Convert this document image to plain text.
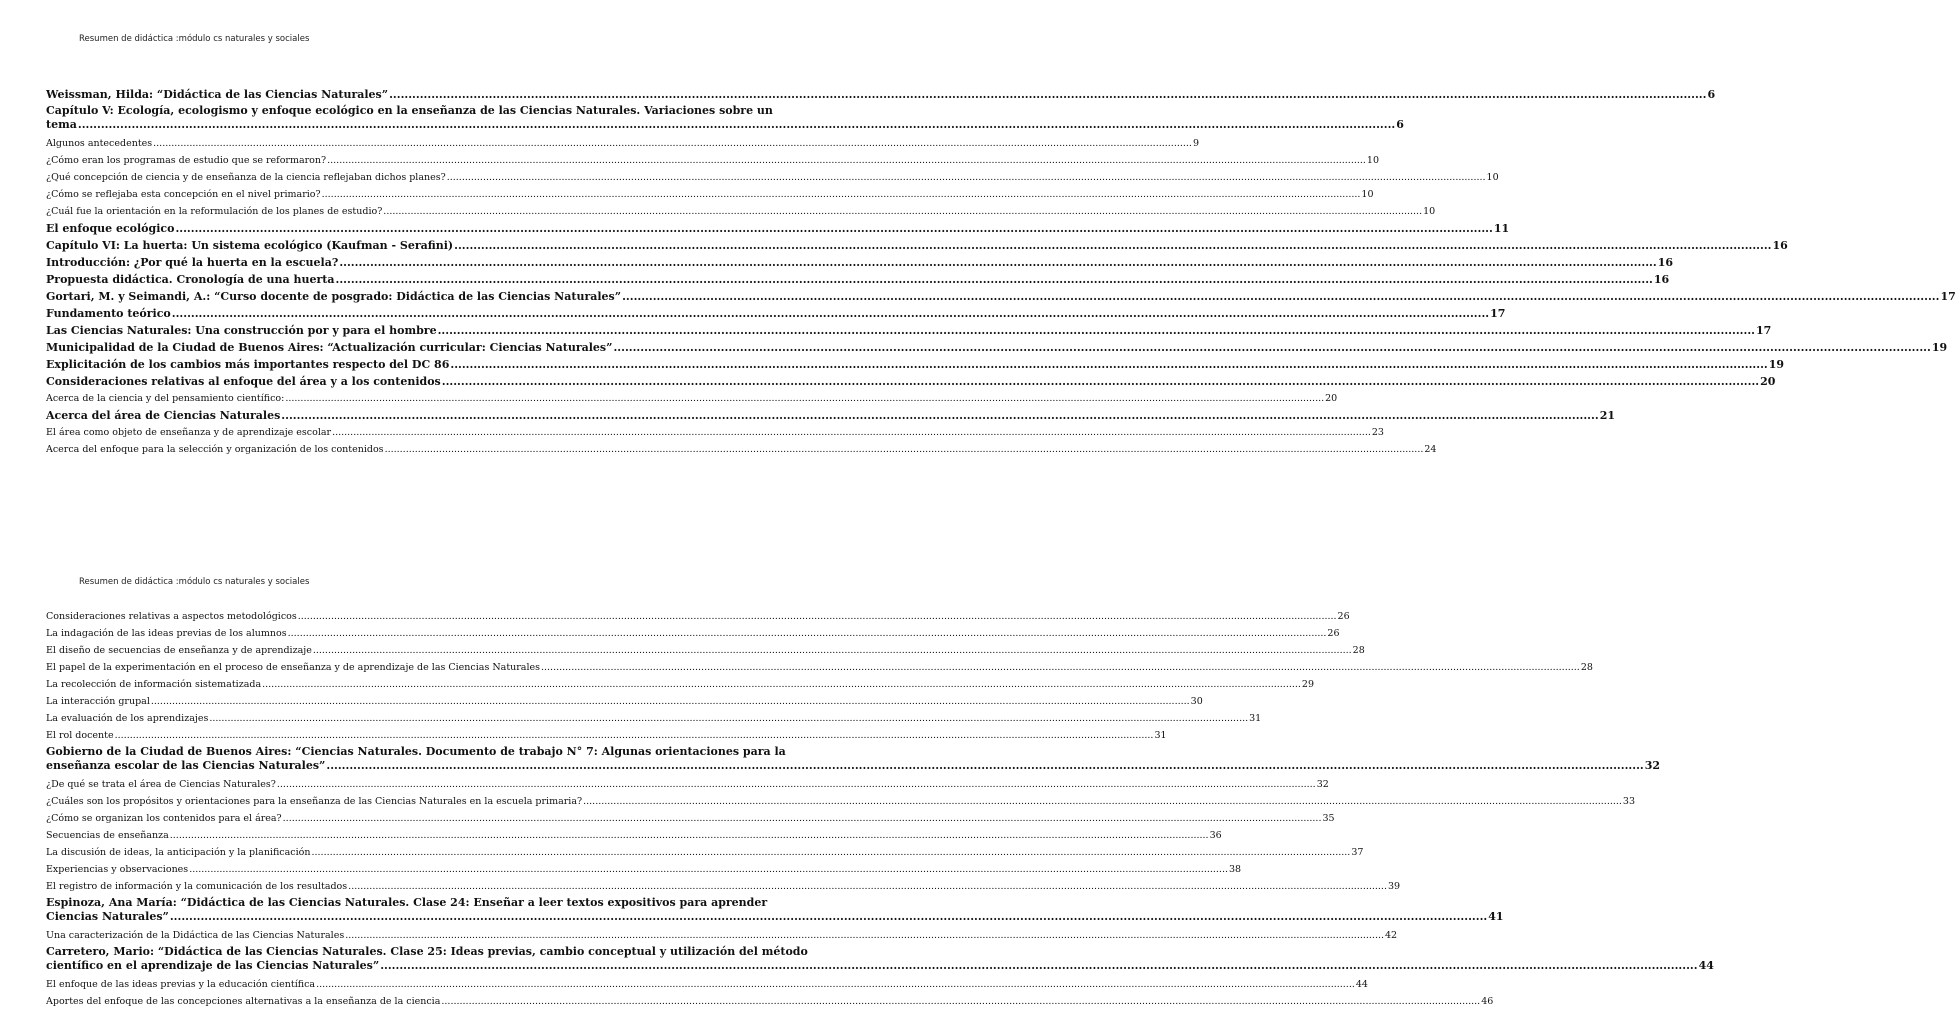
Resumen de didáctica :módulo cs naturales y sociales
Weissman, Hilda: “Didáctica de las Ciencias Naturales” .....	6
Capítulo V: Ecología, ecologismo y enfoque ecológico en la enseñanza de las Ciencias Naturales. Variaciones sobre un
tema .....	6
Algunos antecedentes .....	9
¿Cómo eran los programas de estudio que se reformaron? .....	10
¿Qué concepción de ciencia y de enseñanza de la ciencia reflejaban dichos planes? .....	10
¿Cómo se reflejaba esta concepción en el nivel primario? .....	10
¿Cuál fue la orientación en la reformulación de los planes de estudio? .....	10
El enfoque ecológico .....	11
Capítulo VI: La huerta: Un sistema ecológico (Kaufman - Serafini) .....	16
Introducción: ¿Por qué la huerta en la escuela? .....	16
Propuesta didáctica. Cronología de una huerta .....	16
Gortari, M. y Seimandi, A.: “Curso docente de posgrado: Didáctica de las Ciencias Naturales” .....	17
Fundamento teórico .....	17
Las Ciencias Naturales: Una construcción por y para el hombre .....	17
Municipalidad de la Ciudad de Buenos Aires: “Actualización curricular: Ciencias Naturales” .....	19
Explicitación de los cambios más importantes respecto del DC 86 .....	19
Consideraciones relativas al enfoque del área y a los contenidos .....	20
Acerca de la ciencia y del pensamiento científico: .....	20
Acerca del área de Ciencias Naturales .....	21
El área como objeto de enseñanza y de aprendizaje escolar .....	23
Acerca del enfoque para la selección y organización de los contenidos .....	24
Resumen de didáctica :módulo cs naturales y sociales
Consideraciones relativas a aspectos metodológicos .....	26
La indagación de las ideas previas de los alumnos .....	26
El diseño de secuencias de enseñanza y de aprendizaje .....	28
El papel de la experimentación en el proceso de enseñanza y de aprendizaje de las Ciencias Naturales .....	28
La recolección de información sistematizada .....	29
La interacción grupal .....	30
La evaluación de los aprendizajes .....	31
El rol docente .....	31
Gobierno de la Ciudad de Buenos Aires: “Ciencias Naturales. Documento de trabajo N° 7: Algunas orientaciones para la
enseñanza escolar de las Ciencias Naturales” .....	32
¿De qué se trata el área de Ciencias Naturales? .....	32
¿Cuáles son los propósitos y orientaciones para la enseñanza de las Ciencias Naturales en la escuela primaria? .....	33
¿Cómo se organizan los contenidos para el área? .....	35
Secuencias de enseñanza .....	36
La discusión de ideas, la anticipación y la planificación .....	37
Experiencias y observaciones .....	38
El registro de información y la comunicación de los resultados .....	39
Espinoza, Ana María: “Didáctica de las Ciencias Naturales. Clase 24: Enseñar a leer textos expositivos para aprender
Ciencias Naturales” .....	41
Una caracterización de la Didáctica de las Ciencias Naturales .....	42
Carretero, Mario: “Didáctica de las Ciencias Naturales. Clase 25: Ideas previas, cambio conceptual y utilización del método
científico en el aprendizaje de las Ciencias Naturales” .....	44
El enfoque de las ideas previas y la educación científica .....	44
Aportes del enfoque de las concepciones alternativas a la enseñanza de la ciencia .....	46
